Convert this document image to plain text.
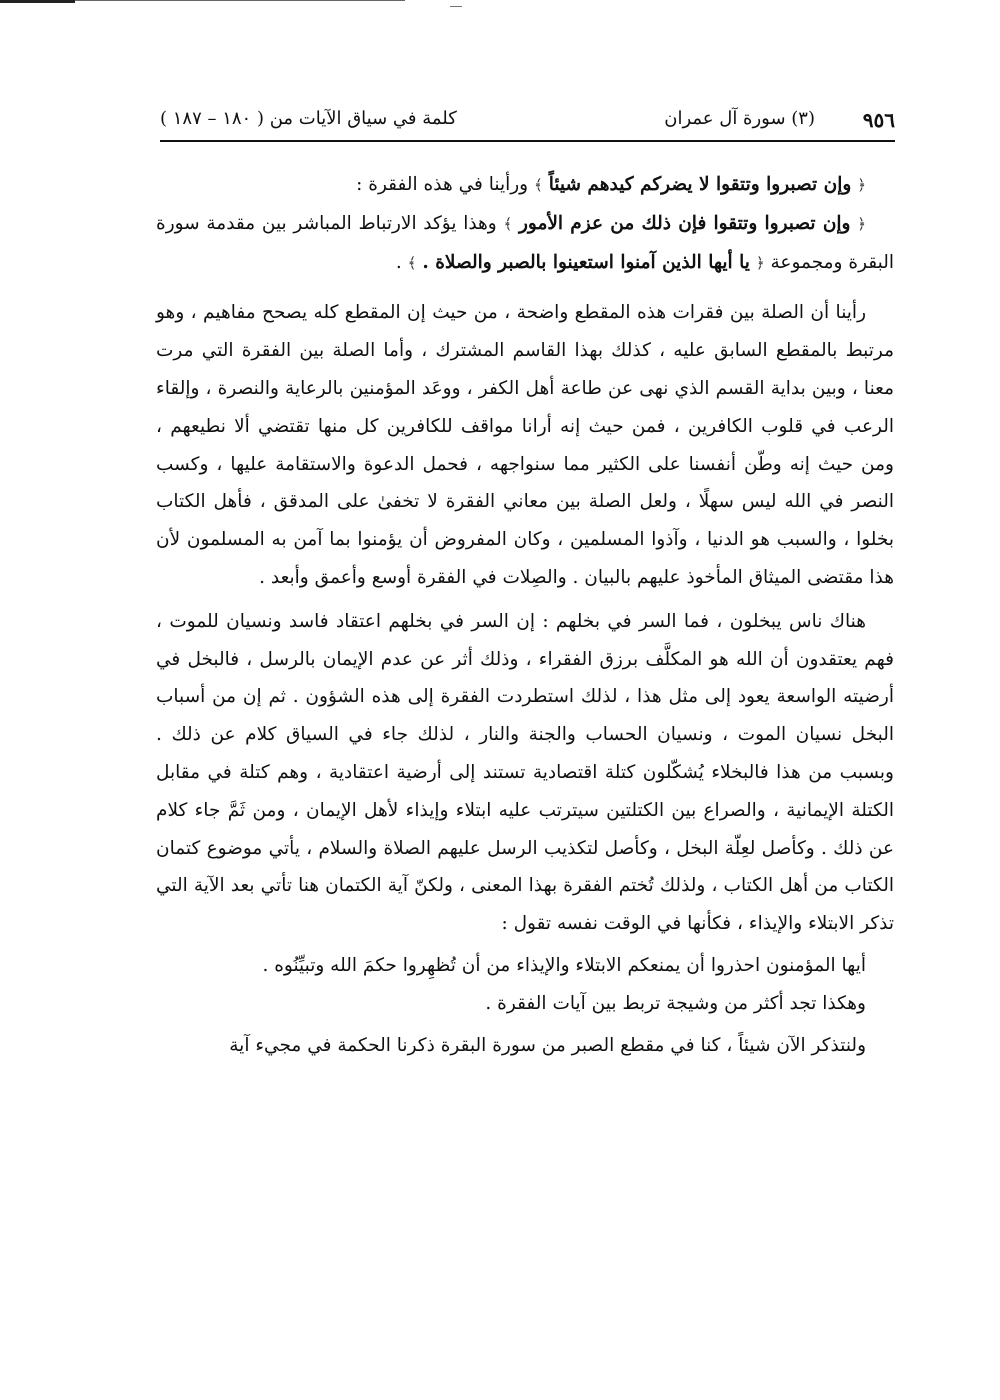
٩٥٦
(٣) سورة آل عمران
كلمة في سياق الآيات من ( ١٨٠ – ١٨٧ )

﴿ وإن تصبروا وتتقوا لا يضركم كيدهم شيئاً ﴾ ورأينا في هذه الفقرة :

﴿ وإن تصبروا وتتقوا فإن ذلك من عزم الأمور ﴾ وهذا يؤكد الارتباط المباشر بين مقدمة سورة البقرة ومجموعة ﴿ يا أيها الذين آمنوا استعينوا بالصبر والصلاة . ﴾ .

رأينا أن الصلة بين فقرات هذه المقطع واضحة ، من حيث إن المقطع كله يصحح مفاهيم ، وهو مرتبط بالمقطع السابق عليه ، كذلك بهذا القاسم المشترك ، وأما الصلة بين الفقرة التي مرت معنا ، وبين بداية القسم الذي نهى عن طاعة أهل الكفر ، ووعَد المؤمنين بالرعاية والنصرة ، وإلقاء الرعب في قلوب الكافرين ، فمن حيث إنه أرانا مواقف للكافرين كل منها تقتضي ألا نطيعهم ، ومن حيث إنه وطّن أنفسنا على الكثير مما سنواجهه ، فحمل الدعوة والاستقامة عليها ، وكسب النصر في الله ليس سهلًا ، ولعل الصلة بين معاني الفقرة لا تخفىٰ على المدقق ، فأهل الكتاب بخلوا ، والسبب هو الدنيا ، وآذوا المسلمين ، وكان المفروض أن يؤمنوا بما آمن به المسلمون لأن هذا مقتضى الميثاق المأخوذ عليهم بالبيان . والصِلات في الفقرة أوسع وأعمق وأبعد .

هناك ناس يبخلون ، فما السر في بخلهم : إن السر في بخلهم اعتقاد فاسد ونسيان للموت ، فهم يعتقدون أن الله هو المكلَّف برزق الفقراء ، وذلك أثر عن عدم الإيمان بالرسل ، فالبخل في أرضيته الواسعة يعود إلى مثل هذا ، لذلك استطردت الفقرة إلى هذه الشؤون . ثم إن من أسباب البخل نسيان الموت ، ونسيان الحساب والجنة والنار ، لذلك جاء في السياق كلام عن ذلك . وبسبب من هذا فالبخلاء يُشكّلون كتلة اقتصادية تستند إلى أرضية اعتقادية ، وهم كتلة في مقابل الكتلة الإيمانية ، والصراع بين الكتلتين سيترتب عليه ابتلاء وإيذاء لأهل الإيمان ، ومن ثَمَّ جاء كلام عن ذلك . وكأصل لعِلّة البخل ، وكأصل لتكذيب الرسل عليهم الصلاة والسلام ، يأتي موضوع كتمان الكتاب من أهل الكتاب ، ولذلك تُختم الفقرة بهذا المعنى ، ولكنّ آية الكتمان هنا تأتي بعد الآية التي تذكر الابتلاء والإيذاء ، فكأنها في الوقت نفسه تقول :

أيها المؤمنون احذروا أن يمنعكم الابتلاء والإيذاء من أن تُظهِروا حكمَ الله وتبيِّنُوه .

وهكذا تجد أكثر من وشيجة تربط بين آيات الفقرة .

ولنتذكر الآن شيئاً ، كنا في مقطع الصبر من سورة البقرة ذكرنا الحكمة في مجيء آية
